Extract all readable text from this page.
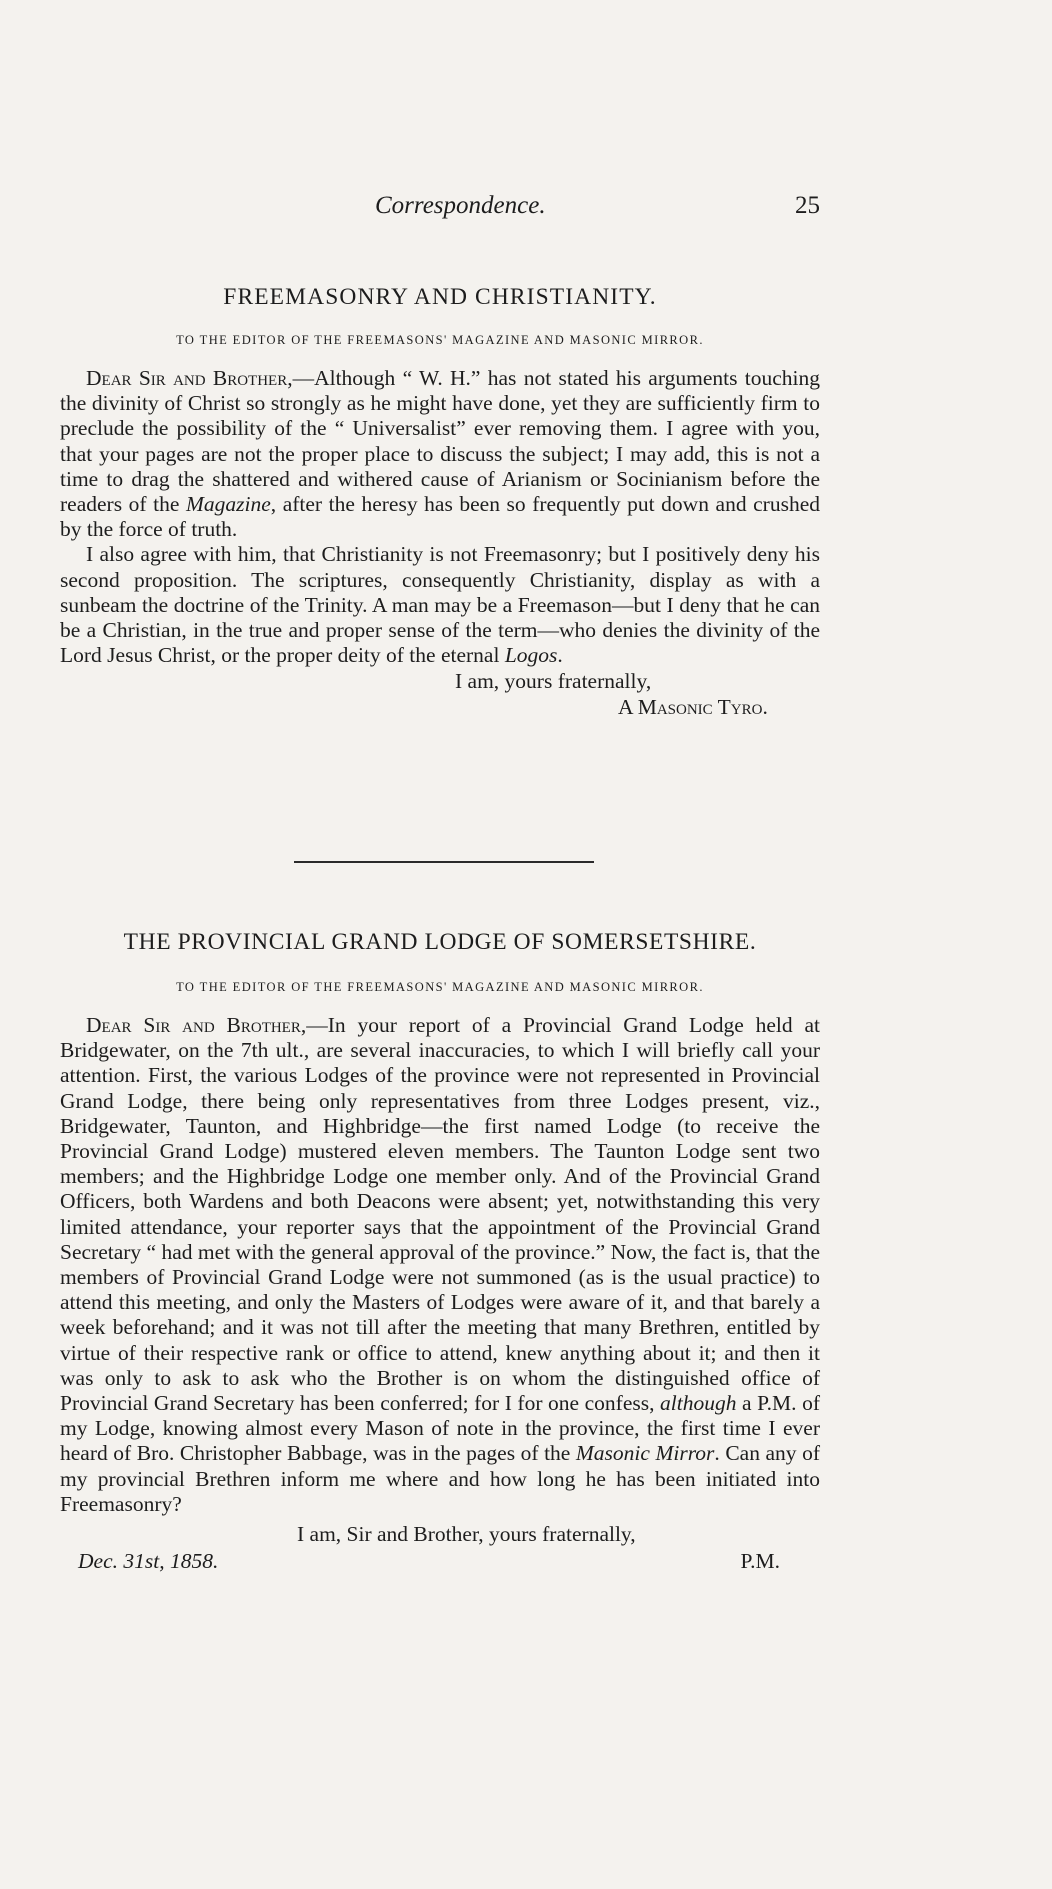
Correspondence.	25
FREEMASONRY AND CHRISTIANITY.
TO THE EDITOR OF THE FREEMASONS' MAGAZINE AND MASONIC MIRROR.

Dear Sir and Brother,—Although “ W. H.” has not stated his arguments touching the divinity of Christ so strongly as he might have done, yet they are sufficiently firm to preclude the possibility of the “ Universalist” ever removing them. I agree with you, that your pages are not the proper place to discuss the subject; I may add, this is not a time to drag the shattered and withered cause of Arianism or Socinianism before the readers of the Magazine, after the heresy has been so frequently put down and crushed by the force of truth.

I also agree with him, that Christianity is not Freemasonry; but I positively deny his second proposition. The scriptures, consequently Christianity, display as with a sunbeam the doctrine of the Trinity. A man may be a Freemason—but I deny that he can be a Christian, in the true and proper sense of the term—who denies the divinity of the Lord Jesus Christ, or the proper deity of the eternal Logos.

I am, yours fraternally,

A Masonic Tyro.

THE PROVINCIAL GRAND LODGE OF SOMERSETSHIRE.
TO THE EDITOR OF THE FREEMASONS' MAGAZINE AND MASONIC MIRROR.

Dear Sir and Brother,—In your report of a Provincial Grand Lodge held at Bridgewater, on the 7th ult., are several inaccuracies, to which I will briefly call your attention. First, the various Lodges of the province were not represented in Provincial Grand Lodge, there being only representatives from three Lodges present, viz., Bridgewater, Taunton, and Highbridge—the first named Lodge (to receive the Provincial Grand Lodge) mustered eleven members. The Taunton Lodge sent two members; and the Highbridge Lodge one member only. And of the Provincial Grand Officers, both Wardens and both Deacons were absent; yet, notwithstanding this very limited attendance, your reporter says that the appointment of the Provincial Grand Secretary “ had met with the general approval of the province.” Now, the fact is, that the members of Provincial Grand Lodge were not summoned (as is the usual practice) to attend this meeting, and only the Masters of Lodges were aware of it, and that barely a week beforehand; and it was not till after the meeting that many Brethren, entitled by virtue of their respective rank or office to attend, knew anything about it; and then it was only to ask to ask who the Brother is on whom the distinguished office of Provincial Grand Secretary has been conferred; for I for one confess, although a P.M. of my Lodge, knowing almost every Mason of note in the province, the first time I ever heard of Bro. Christopher Babbage, was in the pages of the Masonic Mirror. Can any of my provincial Brethren inform me where and how long he has been initiated into Freemasonry?

I am, Sir and Brother, yours fraternally,

Dec. 31st, 1858.	P.M.
